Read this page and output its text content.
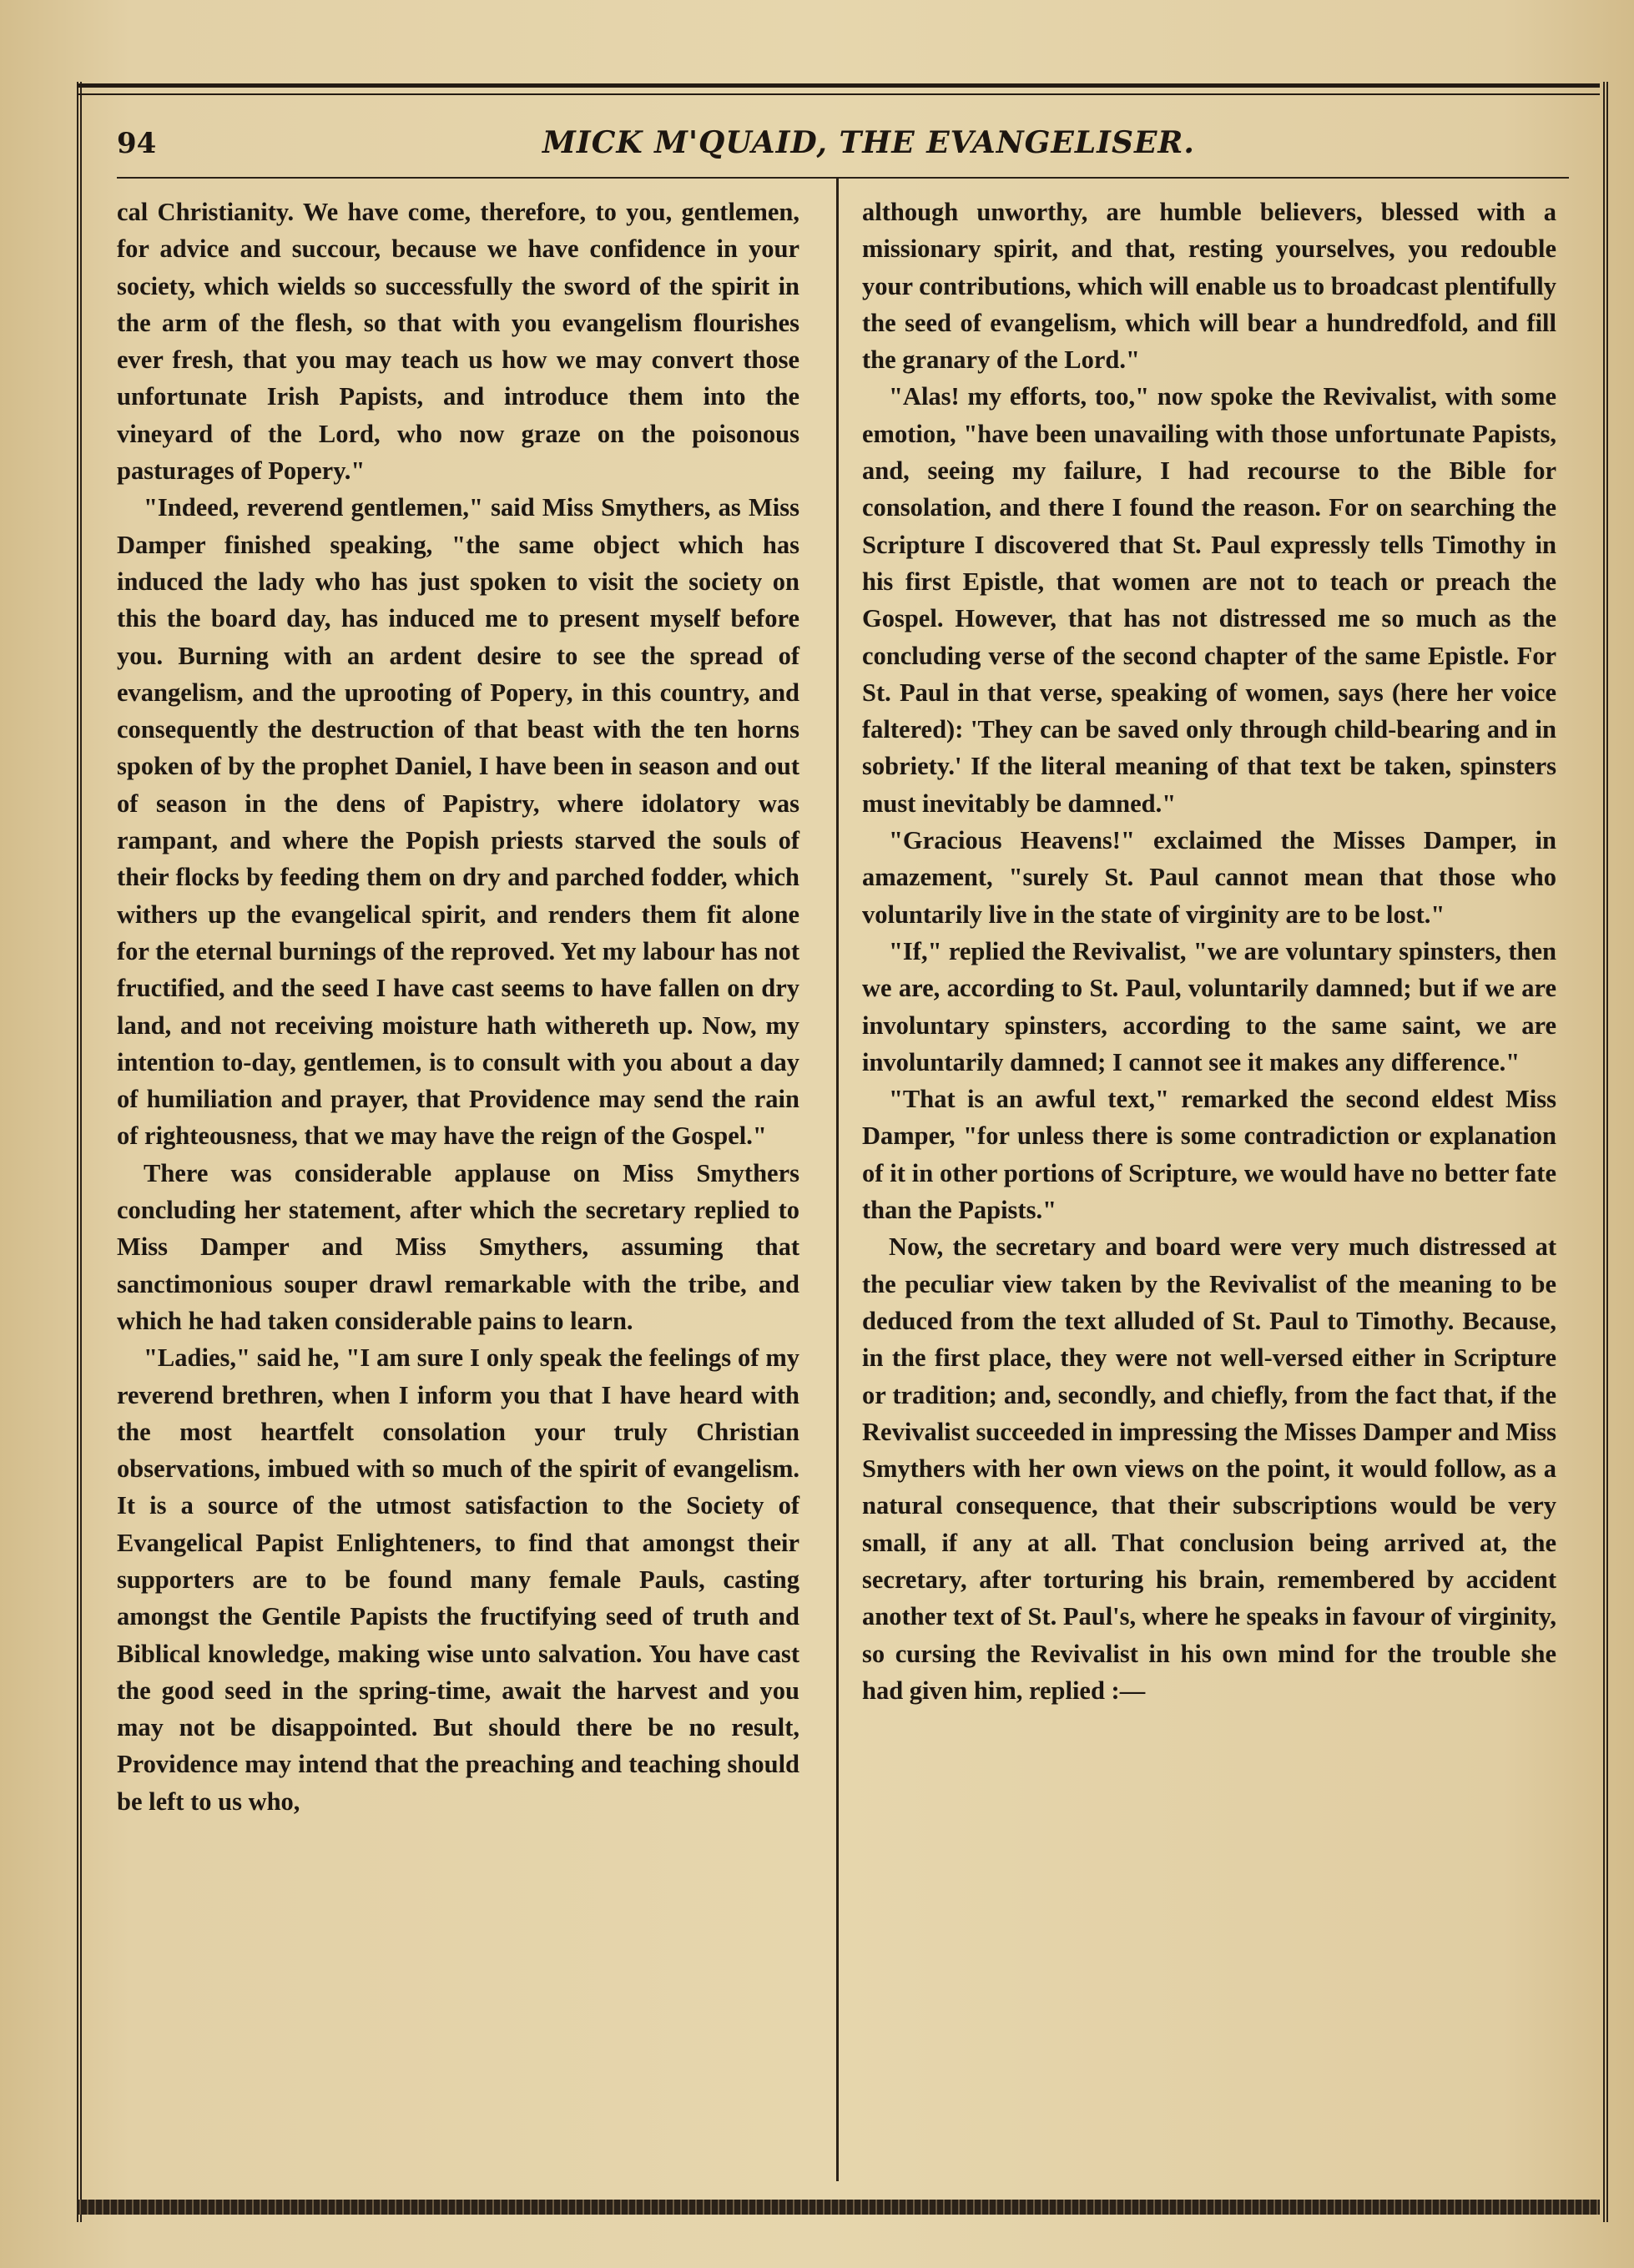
94	MICK M'QUAID, THE EVANGELISER.

cal Christianity. We have come, therefore, to you, gentlemen, for advice and succour, because we have confidence in your society, which wields so successfully the sword of the spirit in the arm of the flesh, so that with you evangelism flourishes ever fresh, that you may teach us how we may convert those unfortunate Irish Papists, and introduce them into the vineyard of the Lord, who now graze on the poisonous pasturages of Popery."

"Indeed, reverend gentlemen," said Miss Smythers, as Miss Damper finished speaking, "the same object which has induced the lady who has just spoken to visit the society on this the board day, has induced me to present myself before you. Burning with an ardent desire to see the spread of evangelism, and the uprooting of Popery, in this country, and consequently the destruction of that beast with the ten horns spoken of by the prophet Daniel, I have been in season and out of season in the dens of Papistry, where idolatory was rampant, and where the Popish priests starved the souls of their flocks by feeding them on dry and parched fodder, which withers up the evangelical spirit, and renders them fit alone for the eternal burnings of the reproved. Yet my labour has not fructified, and the seed I have cast seems to have fallen on dry land, and not receiving moisture hath withereth up. Now, my intention to-day, gentlemen, is to consult with you about a day of humiliation and prayer, that Providence may send the rain of righteousness, that we may have the reign of the Gospel."

There was considerable applause on Miss Smythers concluding her statement, after which the secretary replied to Miss Damper and Miss Smythers, assuming that sanctimonious souper drawl remarkable with the tribe, and which he had taken considerable pains to learn.

"Ladies," said he, "I am sure I only speak the feelings of my reverend brethren, when I inform you that I have heard with the most heartfelt consolation your truly Christian observations, imbued with so much of the spirit of evangelism. It is a source of the utmost satisfaction to the Society of Evangelical Papist Enlighteners, to find that amongst their supporters are to be found many female Pauls, casting amongst the Gentile Papists the fructifying seed of truth and Biblical knowledge, making wise unto salvation. You have cast the good seed in the spring-time, await the harvest and you may not be disappointed. But should there be no result, Providence may intend that the preaching and teaching should be left to us who,

although unworthy, are humble believers, blessed with a missionary spirit, and that, resting yourselves, you redouble your contributions, which will enable us to broadcast plentifully the seed of evangelism, which will bear a hundredfold, and fill the granary of the Lord."

"Alas! my efforts, too," now spoke the Revivalist, with some emotion, "have been unavailing with those unfortunate Papists, and, seeing my failure, I had recourse to the Bible for consolation, and there I found the reason. For on searching the Scripture I discovered that St. Paul expressly tells Timothy in his first Epistle, that women are not to teach or preach the Gospel. However, that has not distressed me so much as the concluding verse of the second chapter of the same Epistle. For St. Paul in that verse, speaking of women, says (here her voice faltered): 'They can be saved only through child-bearing and in sobriety.' If the literal meaning of that text be taken, spinsters must inevitably be damned."

"Gracious Heavens!" exclaimed the Misses Damper, in amazement, "surely St. Paul cannot mean that those who voluntarily live in the state of virginity are to be lost."

"If," replied the Revivalist, "we are voluntary spinsters, then we are, according to St. Paul, voluntarily damned; but if we are involuntary spinsters, according to the same saint, we are involuntarily damned; I cannot see it makes any difference."

"That is an awful text," remarked the second eldest Miss Damper, "for unless there is some contradiction or explanation of it in other portions of Scripture, we would have no better fate than the Papists."

Now, the secretary and board were very much distressed at the peculiar view taken by the Revivalist of the meaning to be deduced from the text alluded of St. Paul to Timothy. Because, in the first place, they were not well-versed either in Scripture or tradition; and, secondly, and chiefly, from the fact that, if the Revivalist succeeded in impressing the Misses Damper and Miss Smythers with her own views on the point, it would follow, as a natural consequence, that their subscriptions would be very small, if any at all. That conclusion being arrived at, the secretary, after torturing his brain, remembered by accident another text of St. Paul's, where he speaks in favour of virginity, so cursing the Revivalist in his own mind for the trouble she had given him, replied :—
